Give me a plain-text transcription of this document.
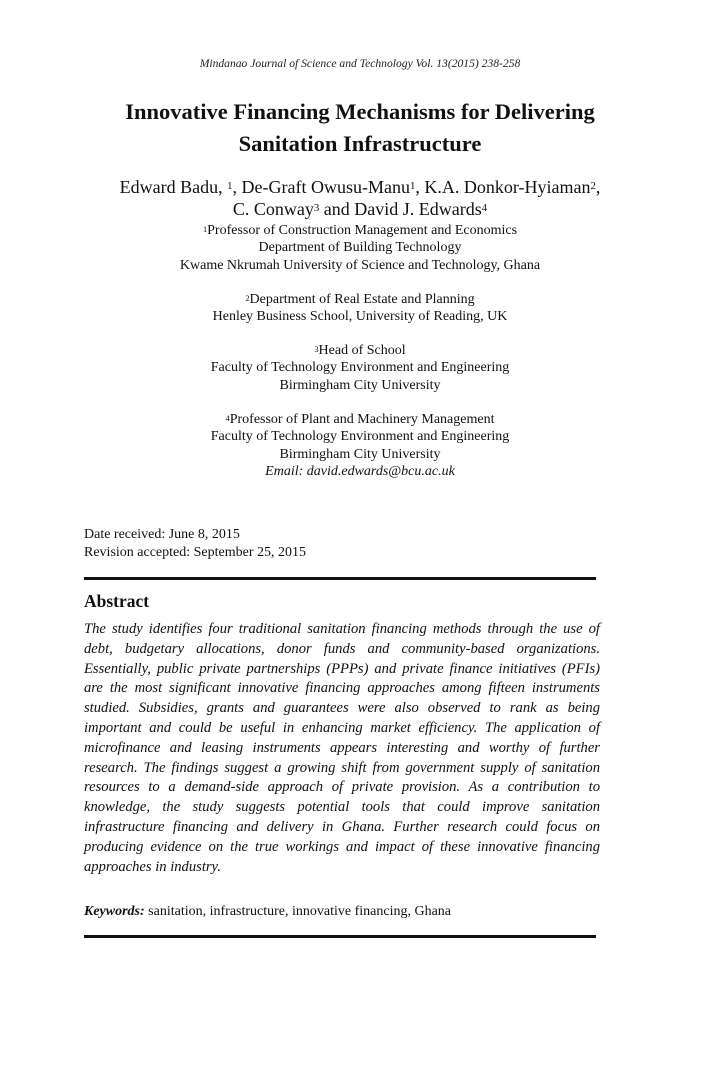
Mindanao Journal of Science and Technology Vol. 13(2015) 238-258
Innovative Financing Mechanisms for Delivering
Sanitation Infrastructure
Edward Badu, $^1$, De-Graft Owusu-Manu$^1$, K.A. Donkor-Hyiaman$^2$,
C. Conway$^3$ and David J. Edwards$^4$
$^1$Professor of Construction Management and Economics
Department of Building Technology
Kwame Nkrumah University of Science and Technology, Ghana
$^2$Department of Real Estate and Planning
Henley Business School, University of Reading, UK
$^3$Head of School
Faculty of Technology Environment and Engineering
Birmingham City University
$^4$Professor of Plant and Machinery Management
Faculty of Technology Environment and Engineering
Birmingham City University
Email: david.edwards@bcu.ac.uk
Date received: June 8, 2015
Revision accepted: September 25, 2015
Abstract
The study identifies four traditional sanitation financing methods through the use of
debt, budgetary allocations, donor funds and community-based organizations.
Essentially, public private partnerships (PPPs) and private finance initiatives (PFIs)
are the most significant innovative financing approaches among fifteen instruments
studied. Subsidies, grants and guarantees were also observed to rank as being
important and could be useful in enhancing market efficiency. The application of
microfinance and leasing instruments appears interesting and worthy of further
research. The findings suggest a growing shift from government supply of sanitation
resources to a demand-side approach of private provision. As a contribution to
knowledge, the study suggests potential tools that could improve sanitation
infrastructure financing and delivery in Ghana. Further research could focus on
producing evidence on the true workings and impact of these innovative financing
approaches in industry.
Keywords: sanitation, infrastructure, innovative financing, Ghana
